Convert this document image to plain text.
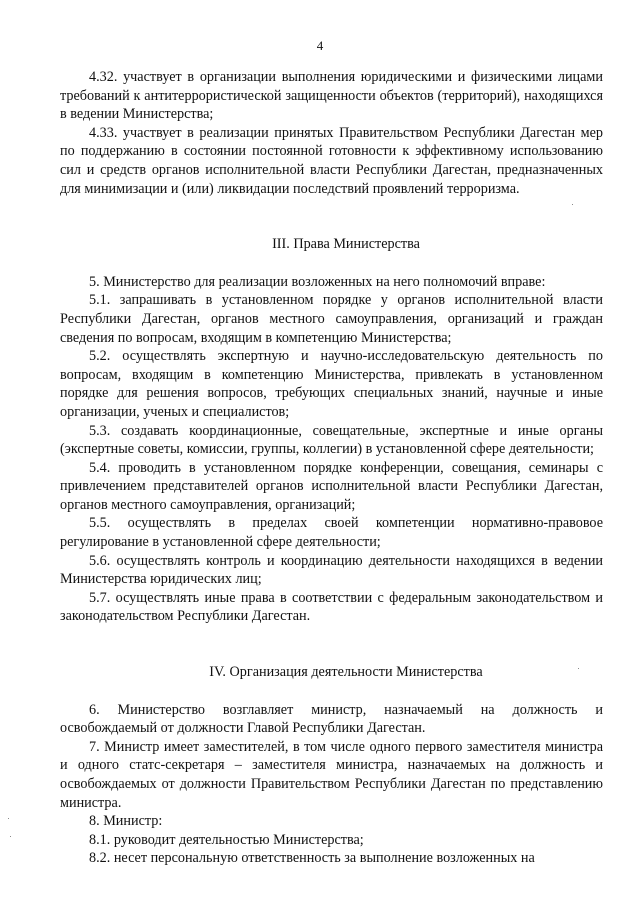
4

4.32. участвует в организации выполнения юридическими и физическими лицами требований к антитеррористической защищенности объектов (территорий), находящихся в ведении Министерства;

4.33. участвует в реализации принятых Правительством Республики Дагестан мер по поддержанию в состоянии постоянной готовности к эффективному использованию сил и средств органов исполнительной власти Республики Дагестан, предназначенных для минимизации и (или) ликвидации последствий проявлений терроризма.

III. Права Министерства

5. Министерство для реализации возложенных на него полномочий вправе:

5.1. запрашивать в установленном порядке у органов исполнительной власти Республики Дагестан, органов местного самоуправления, организаций и граждан сведения по вопросам, входящим в компетенцию Министерства;

5.2. осуществлять экспертную и научно-исследовательскую деятельность по вопросам, входящим в компетенцию Министерства, привлекать в установленном порядке для решения вопросов, требующих специальных знаний, научные и иные организации, ученых и специалистов;

5.3. создавать координационные, совещательные, экспертные и иные органы (экспертные советы, комиссии, группы, коллегии) в установленной сфере деятельности;

5.4. проводить в установленном порядке конференции, совещания, семинары с привлечением представителей органов исполнительной власти Республики Дагестан, органов местного самоуправления, организаций;

5.5. осуществлять в пределах своей компетенции нормативно-правовое регулирование в установленной сфере деятельности;

5.6. осуществлять контроль и координацию деятельности находящихся в ведении Министерства юридических лиц;

5.7. осуществлять иные права в соответствии с федеральным законодательством и законодательством Республики Дагестан.

IV. Организация деятельности Министерства

6. Министерство возглавляет министр, назначаемый на должность и освобождаемый от должности Главой Республики Дагестан.

7. Министр имеет заместителей, в том числе одного первого заместителя министра и одного статс-секретаря – заместителя министра, назначаемых на должность и освобождаемых от должности Правительством Республики Дагестан по представлению министра.

8. Министр:

8.1. руководит деятельностью Министерства;

8.2. несет персональную ответственность за выполнение возложенных на
